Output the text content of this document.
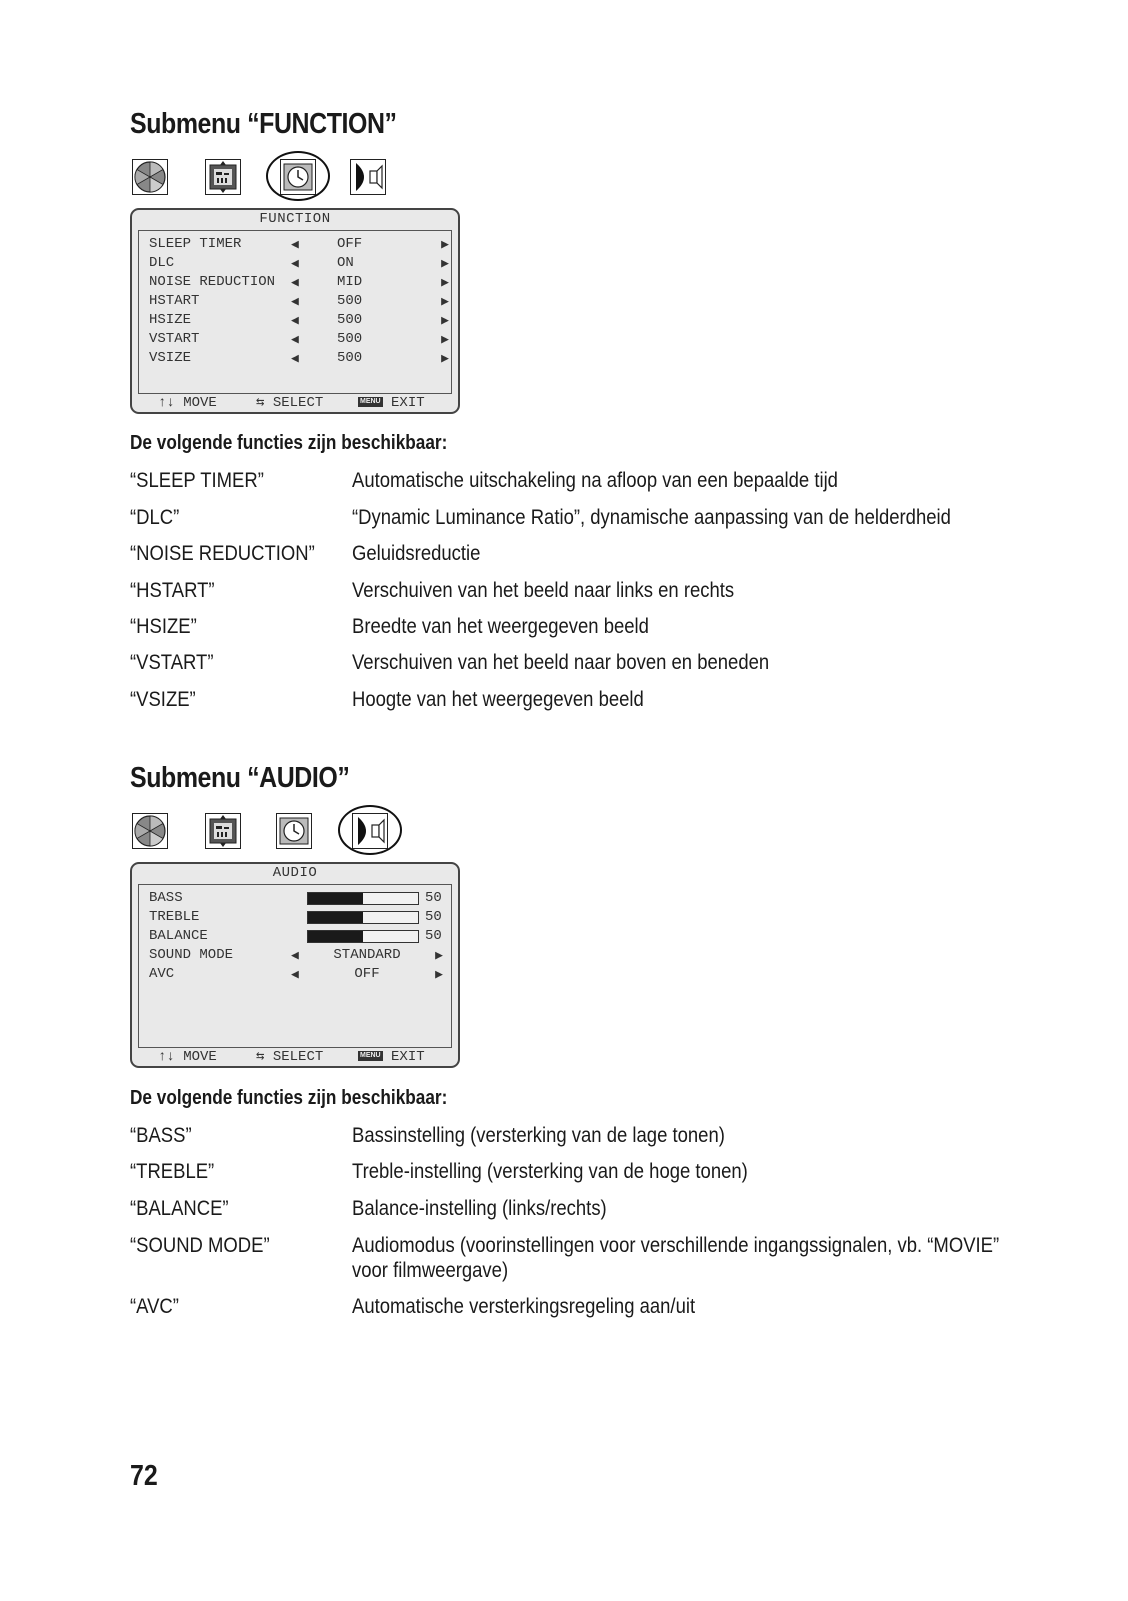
Submenu “FUNCTION”
FUNCTION
SLEEP TIMER	◀	OFF	▶
DLC	◀	ON	▶
NOISE REDUCTION ◀	MID	▶
HSTART	◀	500	▶
HSIZE	◀	500	▶
VSTART	◀	500	▶
VSIZE	◀	500	▶
↑↓ MOVE	⇆ SELECT	MENU EXIT
De volgende functies zijn beschikbaar:
“SLEEP TIMER”	Automatische uitschakeling na afloop van een bepaalde tijd
“DLC”	“Dynamic Luminance Ratio”, dynamische aanpassing van de helderdheid
“NOISE REDUCTION” Geluidsreductie
“HSTART”	Verschuiven van het beeld naar links en rechts
“HSIZE”	Breedte van het weergegeven beeld
“VSTART”	Verschuiven van het beeld naar boven en beneden
“VSIZE”	Hoogte van het weergegeven beeld
Submenu “AUDIO”
AUDIO
BASS	50
TREBLE	50
BALANCE	50
SOUND MODE	◀	STANDARD	▶
AVC	◀	OFF	▶
↑↓ MOVE	⇆ SELECT	MENU EXIT
De volgende functies zijn beschikbaar:
“BASS”	Bassinstelling (versterking van de lage tonen)
“TREBLE”	Treble-instelling (versterking van de hoge tonen)
“BALANCE”	Balance-instelling (links/rechts)
“SOUND MODE”	Audiomodus (voorinstellingen voor verschillende ingangssignalen, vb. “MOVIE” voor filmweergave)
“AVC”	Automatische versterkingsregeling aan/uit
72
